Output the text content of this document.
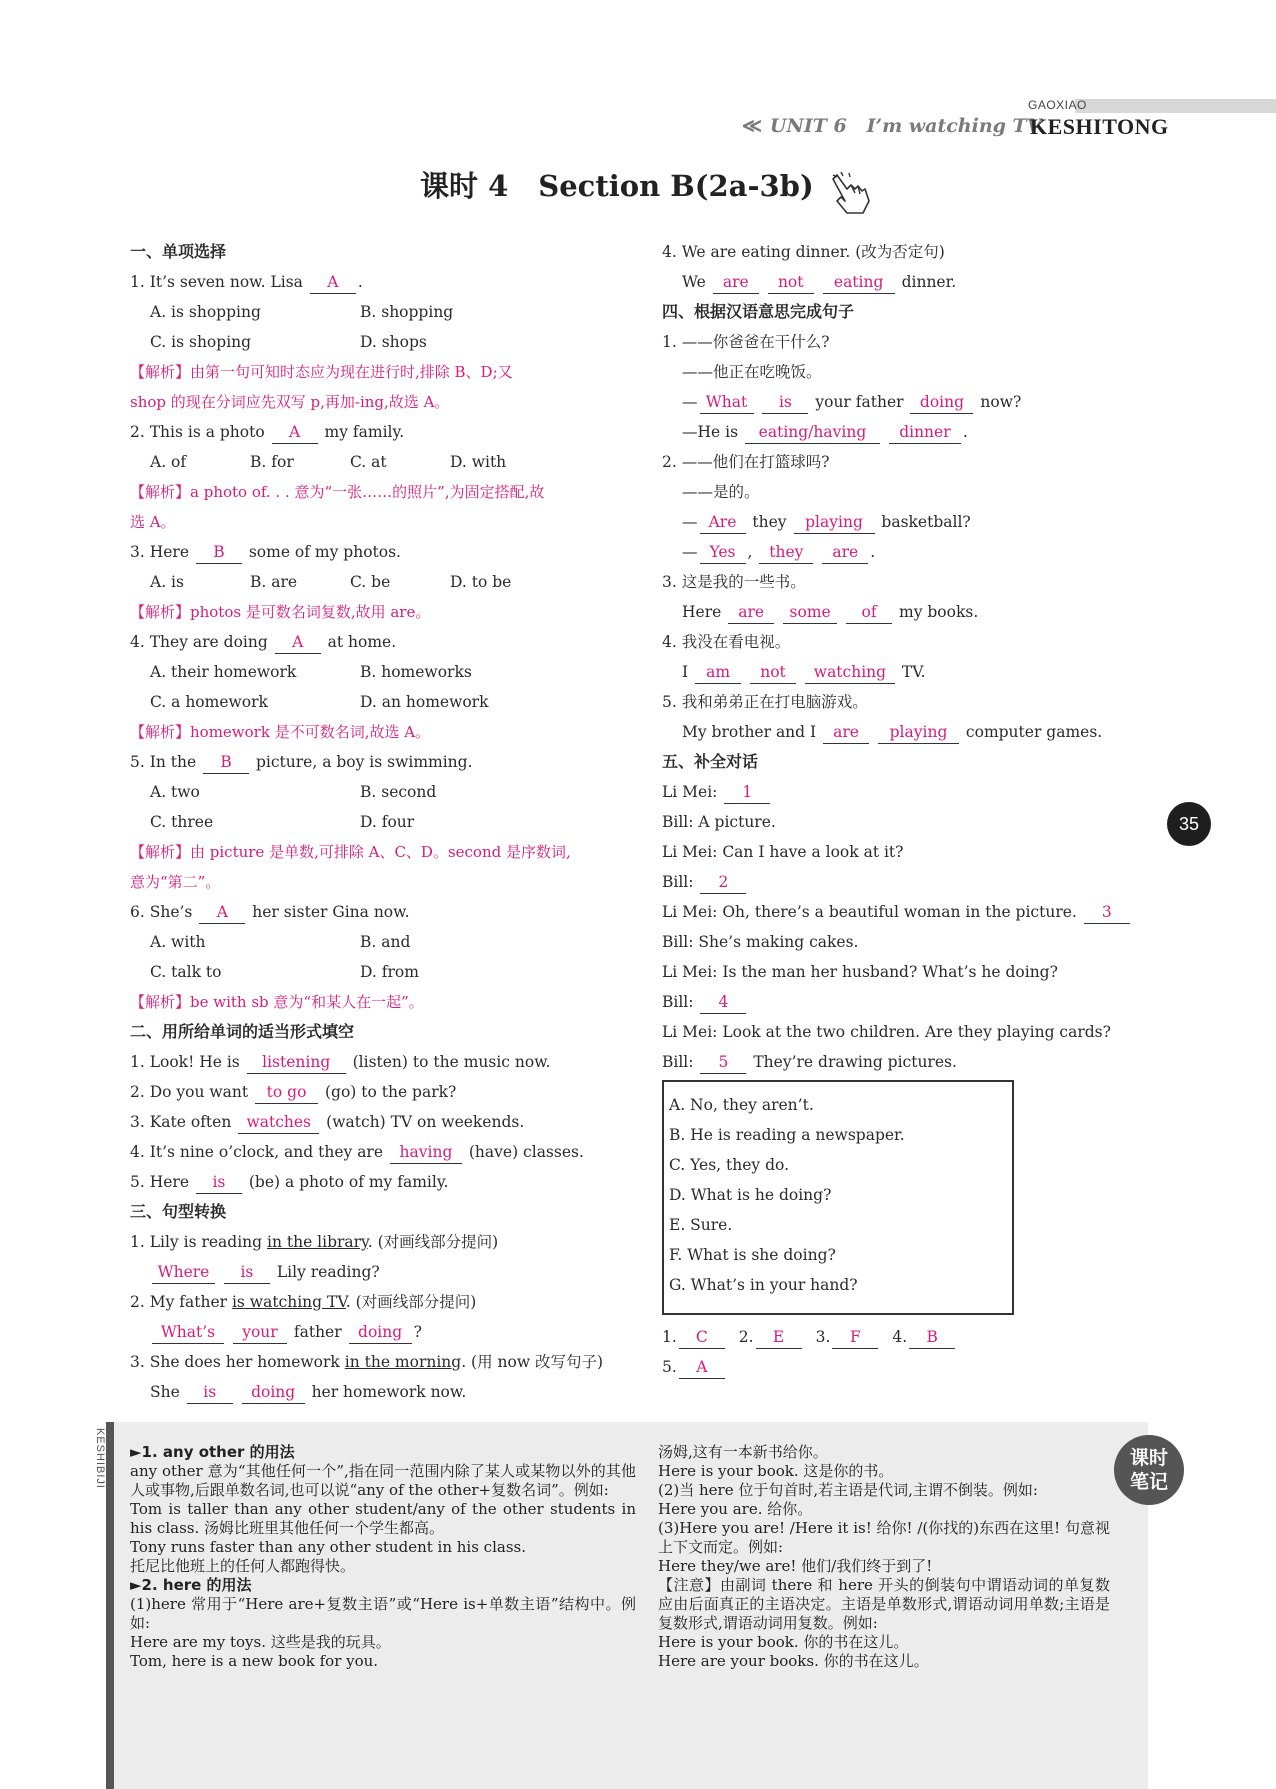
GAOXIAO
≪ UNIT 6 I’m watching TV.
KESHITONG
课时 4 Section B(2a-3b)
一、单项选择
1. It’s seven now. Lisa A .
A. is shopping	B. shopping
C. is shoping	D. shops
【解析】由第一句可知时态应为现在进行时,排除 B、D;又
shop 的现在分词应先双写 p,再加-ing,故选 A。
2. This is a photo A my family.
A. of	B. for	C. at	D. with
【解析】a photo of. . . 意为“一张……的照片”,为固定搭配,故
选 A。
3. Here B some of my photos.
A. is	B. are	C. be	D. to be
【解析】photos 是可数名词复数,故用 are。
4. They are doing A at home.
A. their homework	B. homeworks
C. a homework	D. an homework
【解析】homework 是不可数名词,故选 A。
5. In the B picture, a boy is swimming.
A. two	B. second
C. three	D. four
【解析】由 picture 是单数,可排除 A、C、D。second 是序数词,
意为“第二”。
6. She’s A her sister Gina now.
A. with	B. and
C. talk to	D. from
【解析】be with sb 意为“和某人在一起”。
二、用所给单词的适当形式填空
1. Look! He is listening (listen) to the music now.
2. Do you want to go (go) to the park?
3. Kate often watches (watch) TV on weekends.
4. It’s nine o’clock, and they are having (have) classes.
5. Here is (be) a photo of my family.
三、句型转换
1. Lily is reading in the library. (对画线部分提问)
Where is Lily reading?
2. My father is watching TV. (对画线部分提问)
What’s your father doing ?
3. She does her homework in the morning. (用 now 改写句子)
She is doing her homework now.
4. We are eating dinner. (改为否定句)
We are not eating dinner.
四、根据汉语意思完成句子
1. ——你爸爸在干什么?
——他正在吃晚饭。
— What is your father doing now?
—He is eating/having dinner .
2. ——他们在打篮球吗?
——是的。
— Are they playing basketball?
— Yes , they are .
3. 这是我的一些书。
Here are some of my books.
4. 我没在看电视。
I am not watching TV.
5. 我和弟弟正在打电脑游戏。
My brother and I are playing computer games.
五、补全对话
Li Mei: 1
Bill: A picture.
Li Mei: Can I have a look at it?
Bill: 2
Li Mei: Oh, there’s a beautiful woman in the picture. 3
Bill: She’s making cakes.
Li Mei: Is the man her husband? What’s he doing?
Bill: 4
Li Mei: Look at the two children. Are they playing cards?
Bill: 5 They’re drawing pictures.
A. No, they aren’t.
B. He is reading a newspaper.
C. Yes, they do.
D. What is he doing?
E. Sure.
F. What is she doing?
G. What’s in your hand?
1. C 2. E 3. F 4. B
5. A
35
KESHIBIJI ►1. any other 的用法
any other 意为“其他任何一个”,指在同一范围内除了某人或某物以外的其他人或事物,后跟单数名词,也可以说“any of the other+复数名词”。例如:
Tom is taller than any other student/any of the other students in his class. 汤姆比班里其他任何一个学生都高。
Tony runs faster than any other student in his class.
托尼比他班上的任何人都跑得快。
►2. here 的用法
(1)here 常用于“Here are+复数主语”或“Here is+单数主语”结构中。例如:
Here are my toys. 这些是我的玩具。
Tom, here is a new book for you.
汤姆,这有一本新书给你。
Here is your book. 这是你的书。
(2)当 here 位于句首时,若主语是代词,主谓不倒装。例如:
Here you are. 给你。
(3)Here you are! /Here it is! 给你! /(你找的)东西在这里! 句意视上下文而定。例如:
Here they/we are! 他们/我们终于到了!
【注意】由副词 there 和 here 开头的倒装句中谓语动词的单复数应由后面真正的主语决定。主语是单数形式,谓语动词用单数;主语是复数形式,谓语动词用复数。例如:
Here is your book. 你的书在这儿。
Here are your books. 你的书在这儿。
课时笔记
